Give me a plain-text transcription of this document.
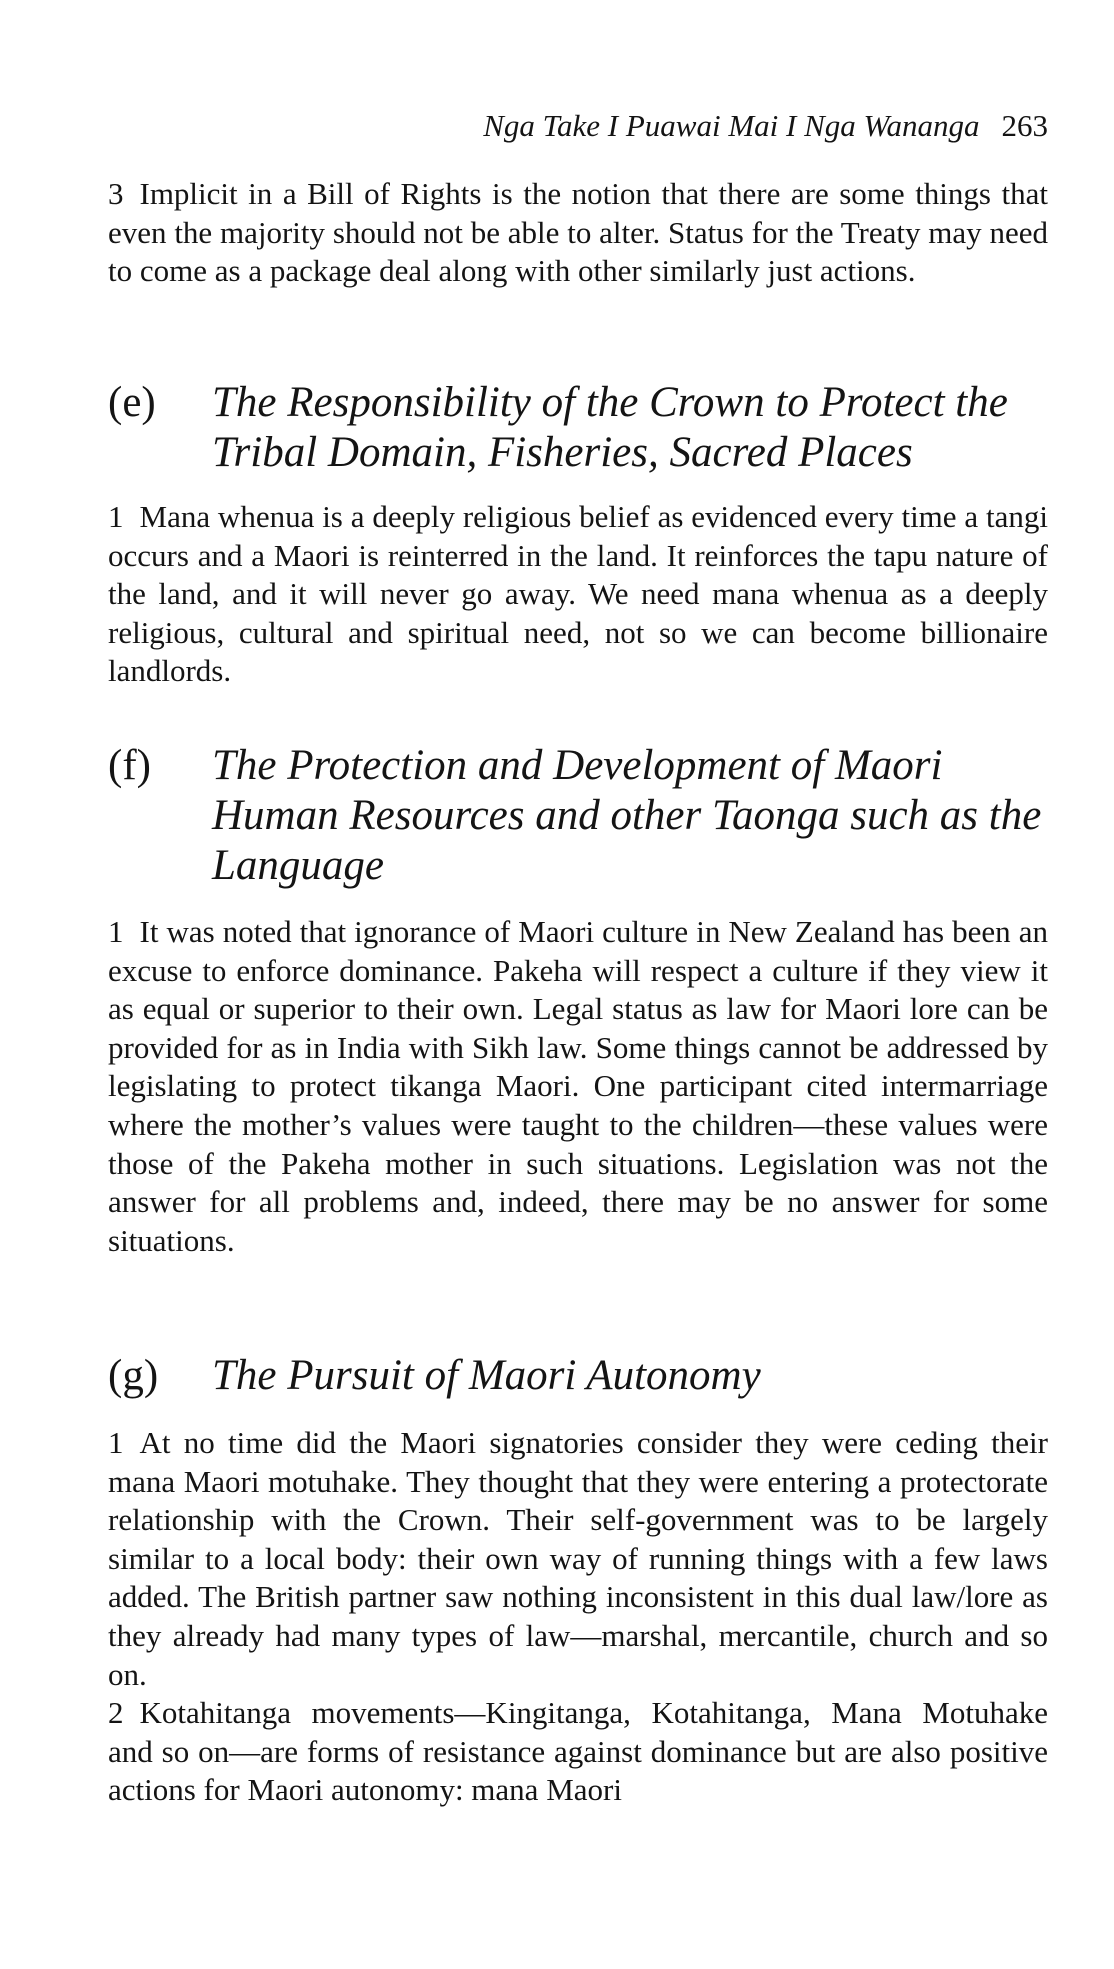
Nga Take I Puawai Mai I Nga Wananga 263

3 Implicit in a Bill of Rights is the notion that there are some things that even the majority should not be able to alter. Status for the Treaty may need to come as a package deal along with other similarly just actions.

(e) The Responsibility of the Crown to Protect the Tribal Domain, Fisheries, Sacred Places

1 Mana whenua is a deeply religious belief as evidenced every time a tangi occurs and a Maori is reinterred in the land. It reinforces the tapu nature of the land, and it will never go away. We need mana whenua as a deeply religious, cultural and spiritual need, not so we can become billionaire landlords.

(f) The Protection and Development of Maori Human Resources and other Taonga such as the Language

1 It was noted that ignorance of Maori culture in New Zealand has been an excuse to enforce dominance. Pakeha will respect a culture if they view it as equal or superior to their own. Legal status as law for Maori lore can be provided for as in India with Sikh law. Some things cannot be addressed by legislating to protect tikanga Maori. One participant cited intermarriage where the mother’s values were taught to the children—these values were those of the Pakeha mother in such situations. Legislation was not the answer for all problems and, indeed, there may be no answer for some situations.

(g) The Pursuit of Maori Autonomy

1 At no time did the Maori signatories consider they were ceding their mana Maori motuhake. They thought that they were entering a protectorate relationship with the Crown. Their self-government was to be largely similar to a local body: their own way of running things with a few laws added. The British partner saw nothing inconsistent in this dual law/lore as they already had many types of law—marshal, mercantile, church and so on.

2 Kotahitanga movements—Kingitanga, Kotahitanga, Mana Motuhake and so on—are forms of resistance against dominance but are also positive actions for Maori autonomy: mana Maori
